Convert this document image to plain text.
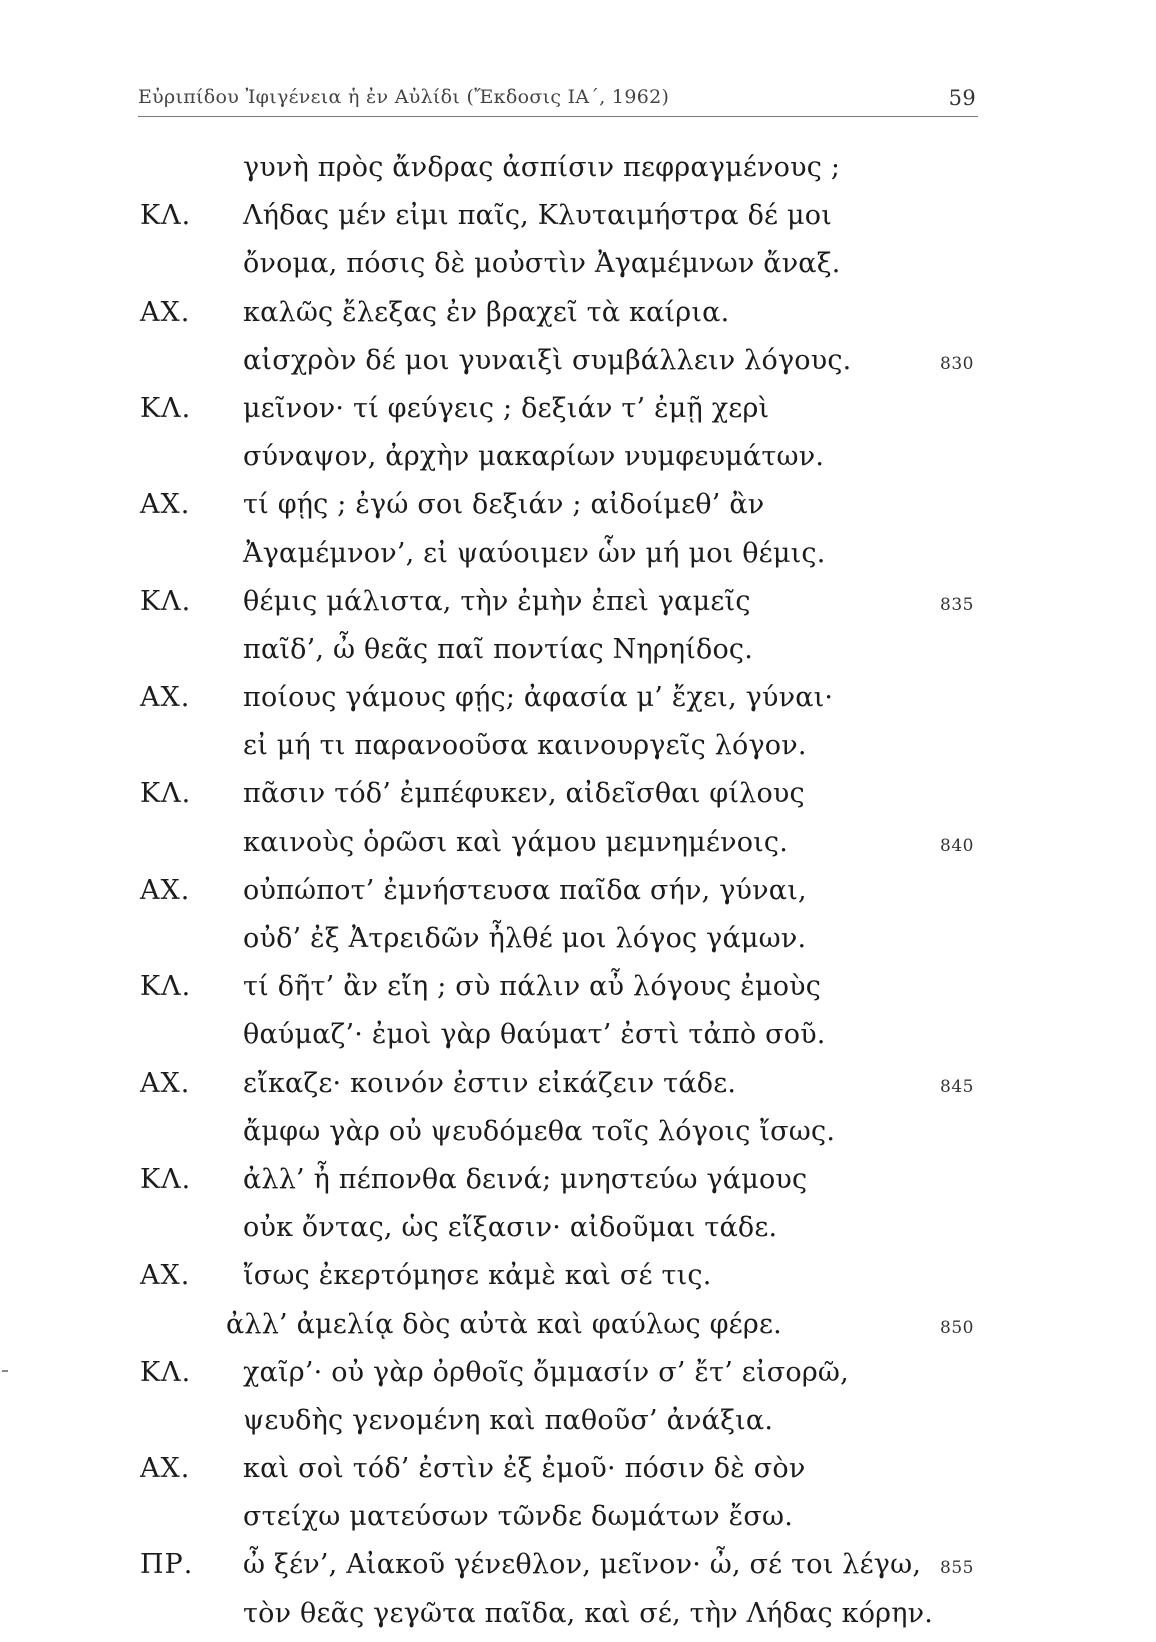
Εὐριπίδου Ἰφιγένεια ἡ ἐν Αὐλίδι (Ἔκδοσις ΙΑ΄, 1962)	59
γυνὴ πρὸς ἄνδρας ἀσπίσιν πεφραγμένους ;
ΚΛ. Λήδας μέν εἰμι παῖς, Κλυταιμήστρα δέ μοι
ὄνομα, πόσις δὲ μοὐστὶν Ἀγαμέμνων ἄναξ.
ΑΧ. καλῶς ἔλεξας ἐν βραχεῖ τὰ καίρια.
αἰσχρὸν δέ μοι γυναιξὶ συμβάλλειν λόγους.	830
ΚΛ. μεῖνον· τί φεύγεις ; δεξιάν τ’ ἐμῇ χερὶ
σύναψον, ἀρχὴν μακαρίων νυμφευμάτων.
ΑΧ. τί φῄς ; ἐγώ σοι δεξιάν ; αἰδοίμεθ’ ἂν
Ἀγαμέμνον’, εἰ ψαύοιμεν ὧν μή μοι θέμις.
ΚΛ. θέμις μάλιστα, τὴν ἐμὴν ἐπεὶ γαμεῖς	835
παῖδ’, ὦ θεᾶς παῖ ποντίας Νηρηίδος.
ΑΧ. ποίους γάμους φῄς; ἀφασία μ’ ἔχει, γύναι·
εἰ μή τι παρανοοῦσα καινουργεῖς λόγον.
ΚΛ. πᾶσιν τόδ’ ἐμπέφυκεν, αἰδεῖσθαι φίλους
καινοὺς ὁρῶσι καὶ γάμου μεμνημένοις.	840
ΑΧ. οὐπώποτ’ ἐμνήστευσα παῖδα σήν, γύναι,
οὐδ’ ἐξ Ἀτρειδῶν ἦλθέ μοι λόγος γάμων.
ΚΛ. τί δῆτ’ ἂν εἴη ; σὺ πάλιν αὖ λόγους ἐμοὺς
θαύμαζ’· ἐμοὶ γὰρ θαύματ’ ἐστὶ τἀπὸ σοῦ.
ΑΧ. εἴκαζε· κοινόν ἐστιν εἰκάζειν τάδε.	845
ἄμφω γὰρ οὐ ψευδόμεθα τοῖς λόγοις ἴσως.
ΚΛ. ἀλλ’ ἦ πέπονθα δεινά; μνηστεύω γάμους
οὐκ ὄντας, ὡς εἴξασιν· αἰδοῦμαι τάδε.
ΑΧ. ἴσως ἐκερτόμησε κἀμὲ καὶ σέ τις.
ἀλλ’ ἀμελίᾳ δὸς αὐτὰ καὶ φαύλως φέρε.	850
ΚΛ. χαῖρ’· οὐ γὰρ ὀρθοῖς ὄμμασίν σ’ ἔτ’ εἰσορῶ,
ψευδὴς γενομένη καὶ παθοῦσ’ ἀνάξια.
ΑΧ. καὶ σοὶ τόδ’ ἐστὶν ἐξ ἐμοῦ· πόσιν δὲ σὸν
στείχω ματεύσων τῶνδε δωμάτων ἔσω.
ΠΡ. ὦ ξέν’, Αἰακοῦ γένεθλον, μεῖνον· ὦ, σέ τοι λέγω, 855
τὸν θεᾶς γεγῶτα παῖδα, καὶ σέ, τὴν Λήδας κόρην.
